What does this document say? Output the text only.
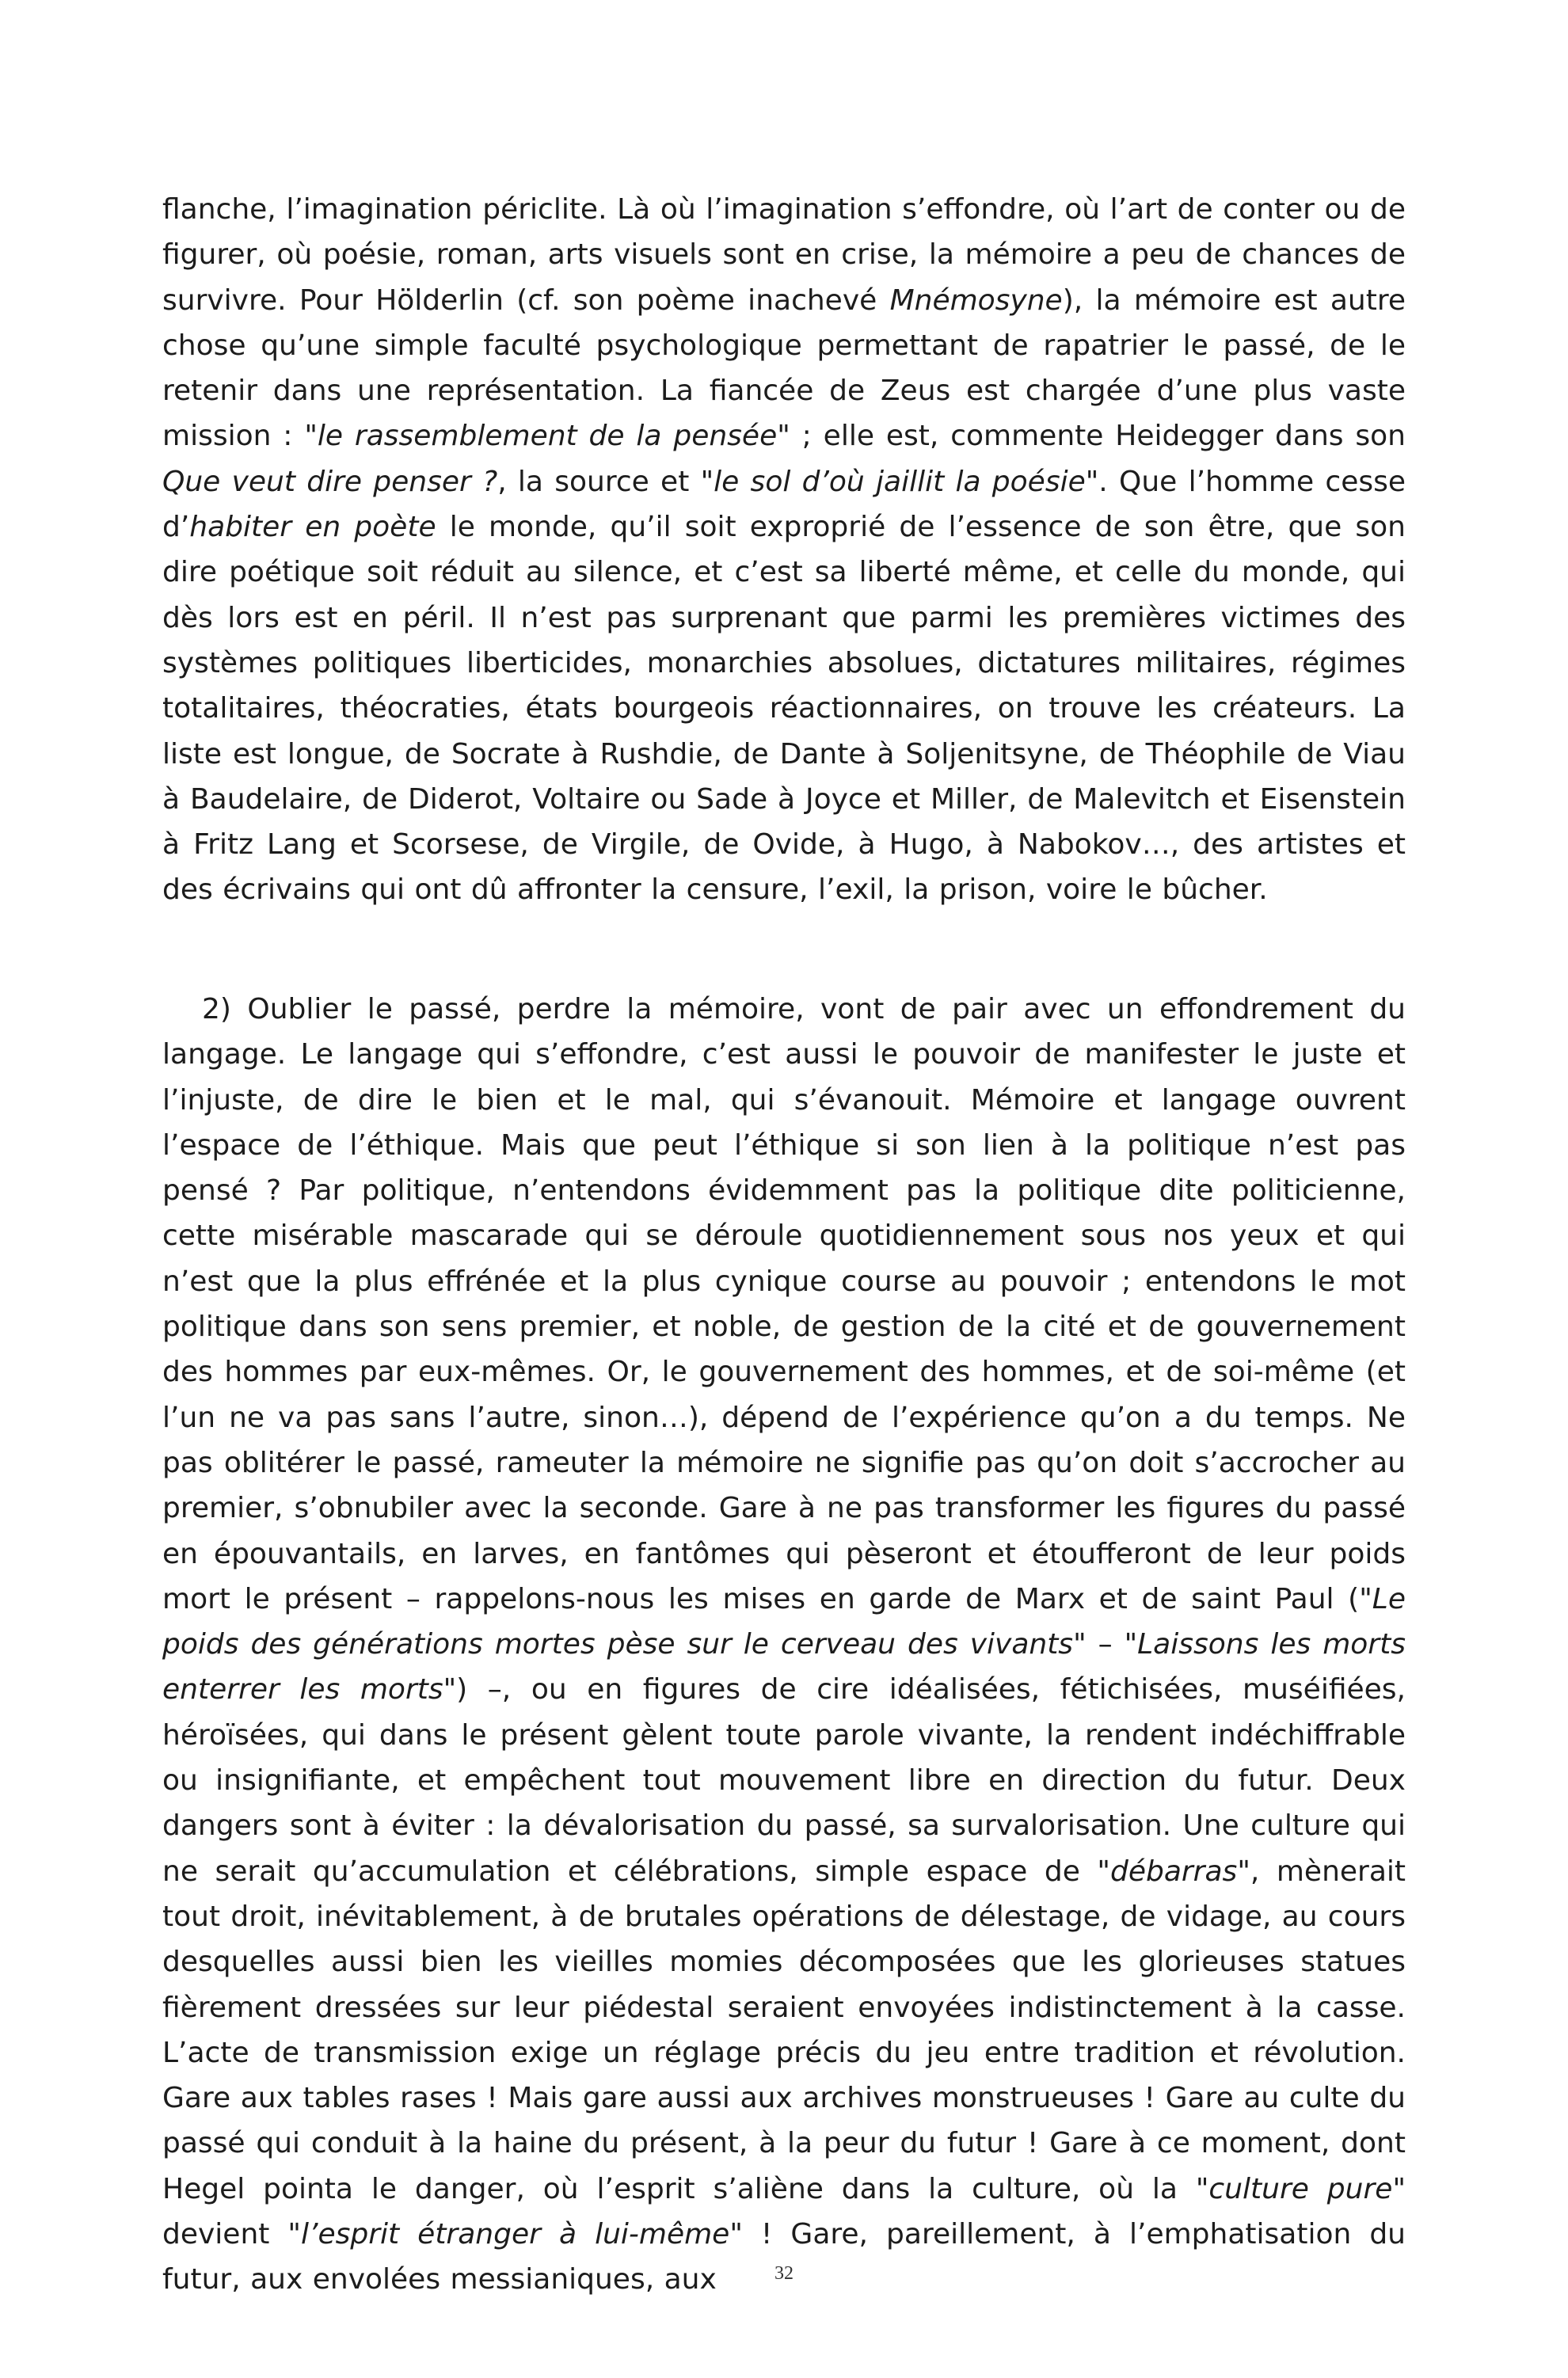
flanche, l’imagination périclite. Là où l’imagination s’effondre, où l’art de conter ou de figurer, où poésie, roman, arts visuels sont en crise, la mémoire a peu de chances de survivre. Pour Hölderlin (cf. son poème inachevé Mnémosyne), la mémoire est autre chose qu’une simple faculté psychologique permettant de rapatrier le passé, de le retenir dans une représentation. La fiancée de Zeus est chargée d’une plus vaste mission : "le rassemblement de la pensée" ; elle est, commente Heidegger dans son Que veut dire penser ?, la source et "le sol d’où jaillit la poésie". Que l’homme cesse d’habiter en poète le monde, qu’il soit exproprié de l’essence de son être, que son dire poétique soit réduit au silence, et c’est sa liberté même, et celle du monde, qui dès lors est en péril. Il n’est pas surprenant que parmi les premières victimes des systèmes politiques liberticides, monarchies absolues, dictatures militaires, régimes totalitaires, théocraties, états bourgeois réactionnaires, on trouve les créateurs. La liste est longue, de Socrate à Rushdie, de Dante à Soljenitsyne, de Théophile de Viau à Baudelaire, de Diderot, Voltaire ou Sade à Joyce et Miller, de Malevitch et Eisenstein à Fritz Lang et Scorsese, de Virgile, de Ovide, à Hugo, à Nabokov…, des artistes et des écrivains qui ont dû affronter la censure, l’exil, la prison, voire le bûcher.

2) Oublier le passé, perdre la mémoire, vont de pair avec un effondrement du langage. Le langage qui s’effondre, c’est aussi le pouvoir de manifester le juste et l’injuste, de dire le bien et le mal, qui s’évanouit. Mémoire et langage ouvrent l’espace de l’éthique. Mais que peut l’éthique si son lien à la politique n’est pas pensé ? Par politique, n’entendons évidemment pas la politique dite politicienne, cette misérable mascarade qui se déroule quotidiennement sous nos yeux et qui n’est que la plus effrénée et la plus cynique course au pouvoir ; entendons le mot politique dans son sens premier, et noble, de gestion de la cité et de gouvernement des hommes par eux-mêmes. Or, le gouvernement des hommes, et de soi-même (et l’un ne va pas sans l’autre, sinon…), dépend de l’expérience qu’on a du temps. Ne pas oblitérer le passé, rameuter la mémoire ne signifie pas qu’on doit s’accrocher au premier, s’obnubiler avec la seconde. Gare à ne pas transformer les figures du passé en épouvantails, en larves, en fantômes qui pèseront et étoufferont de leur poids mort le présent – rappelons-nous les mises en garde de Marx et de saint Paul ("Le poids des générations mortes pèse sur le cerveau des vivants" – "Laissons les morts enterrer les morts") –, ou en figures de cire idéalisées, fétichisées, muséifiées, héroïsées, qui dans le présent gèlent toute parole vivante, la rendent indéchiffrable ou insignifiante, et empêchent tout mouvement libre en direction du futur. Deux dangers sont à éviter : la dévalorisation du passé, sa survalorisation. Une culture qui ne serait qu’accumulation et célébrations, simple espace de "débarras", mènerait tout droit, inévitablement, à de brutales opérations de délestage, de vidage, au cours desquelles aussi bien les vieilles momies décomposées que les glorieuses statues fièrement dressées sur leur piédestal seraient envoyées indistinctement à la casse. L’acte de transmission exige un réglage précis du jeu entre tradition et révolution. Gare aux tables rases ! Mais gare aussi aux archives monstrueuses ! Gare au culte du passé qui conduit à la haine du présent, à la peur du futur ! Gare à ce moment, dont Hegel pointa le danger, où l’esprit s’aliène dans la culture, où la "culture pure" devient "l’esprit étranger à lui-même" ! Gare, pareillement, à l’emphatisation du futur, aux envolées messianiques, aux	32
